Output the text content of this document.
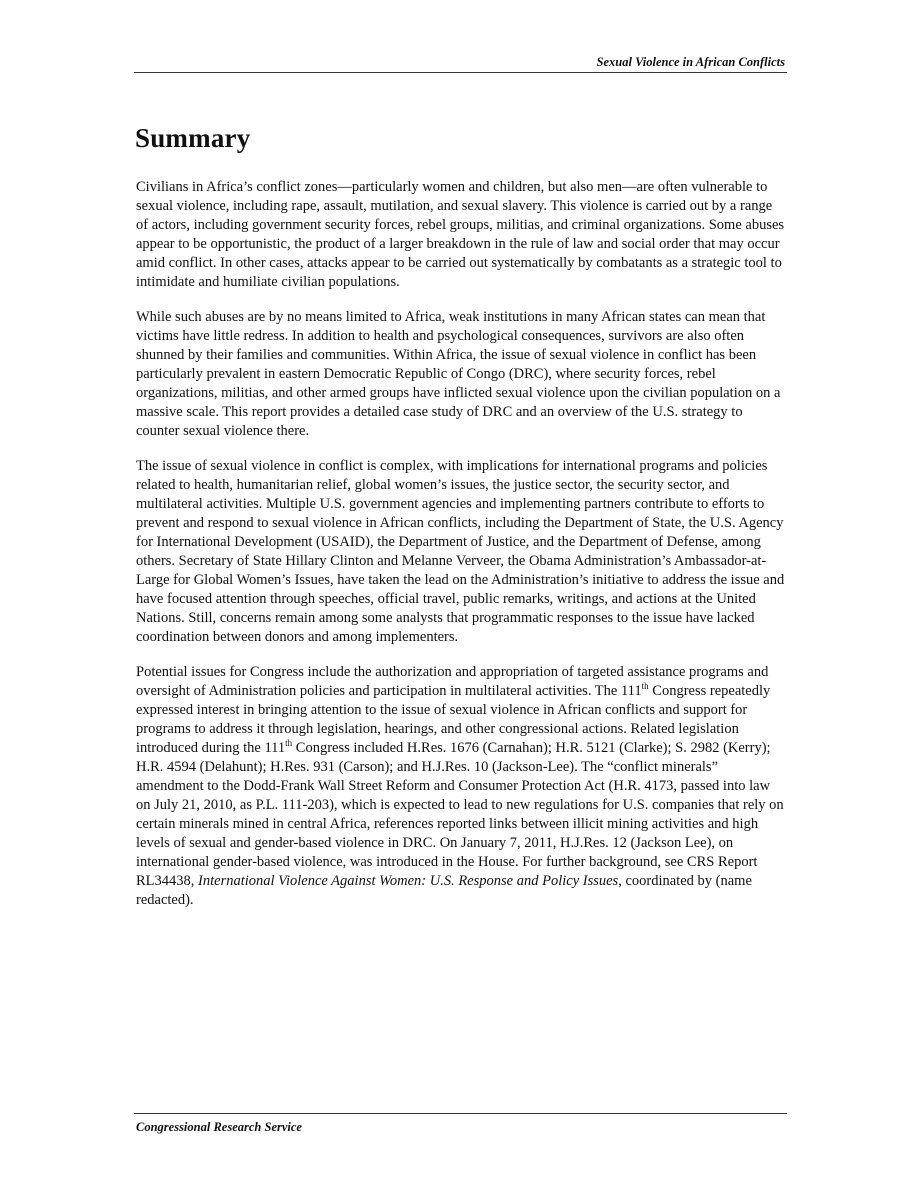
Sexual Violence in African Conflicts
Summary

Civilians in Africa’s conflict zones—particularly women and children, but also men—are often vulnerable to sexual violence, including rape, assault, mutilation, and sexual slavery. This violence is carried out by a range of actors, including government security forces, rebel groups, militias, and criminal organizations. Some abuses appear to be opportunistic, the product of a larger breakdown in the rule of law and social order that may occur amid conflict. In other cases, attacks appear to be carried out systematically by combatants as a strategic tool to intimidate and humiliate civilian populations.

While such abuses are by no means limited to Africa, weak institutions in many African states can mean that victims have little redress. In addition to health and psychological consequences, survivors are also often shunned by their families and communities. Within Africa, the issue of sexual violence in conflict has been particularly prevalent in eastern Democratic Republic of Congo (DRC), where security forces, rebel organizations, militias, and other armed groups have inflicted sexual violence upon the civilian population on a massive scale. This report provides a detailed case study of DRC and an overview of the U.S. strategy to counter sexual violence there.

The issue of sexual violence in conflict is complex, with implications for international programs and policies related to health, humanitarian relief, global women’s issues, the justice sector, the security sector, and multilateral activities. Multiple U.S. government agencies and implementing partners contribute to efforts to prevent and respond to sexual violence in African conflicts, including the Department of State, the U.S. Agency for International Development (USAID), the Department of Justice, and the Department of Defense, among others. Secretary of State Hillary Clinton and Melanne Verveer, the Obama Administration’s Ambassador-at-Large for Global Women’s Issues, have taken the lead on the Administration’s initiative to address the issue and have focused attention through speeches, official travel, public remarks, writings, and actions at the United Nations. Still, concerns remain among some analysts that programmatic responses to the issue have lacked coordination between donors and among implementers.

Potential issues for Congress include the authorization and appropriation of targeted assistance programs and oversight of Administration policies and participation in multilateral activities. The 111th Congress repeatedly expressed interest in bringing attention to the issue of sexual violence in African conflicts and support for programs to address it through legislation, hearings, and other congressional actions. Related legislation introduced during the 111th Congress included H.Res. 1676 (Carnahan); H.R. 5121 (Clarke); S. 2982 (Kerry); H.R. 4594 (Delahunt); H.Res. 931 (Carson); and H.J.Res. 10 (Jackson-Lee). The “conflict minerals” amendment to the Dodd-Frank Wall Street Reform and Consumer Protection Act (H.R. 4173, passed into law on July 21, 2010, as P.L. 111-203), which is expected to lead to new regulations for U.S. companies that rely on certain minerals mined in central Africa, references reported links between illicit mining activities and high levels of sexual and gender-based violence in DRC. On January 7, 2011, H.J.Res. 12 (Jackson Lee), on international gender-based violence, was introduced in the House. For further background, see CRS Report RL34438, International Violence Against Women: U.S. Response and Policy Issues, coordinated by (name redacted).

Congressional Research Service
